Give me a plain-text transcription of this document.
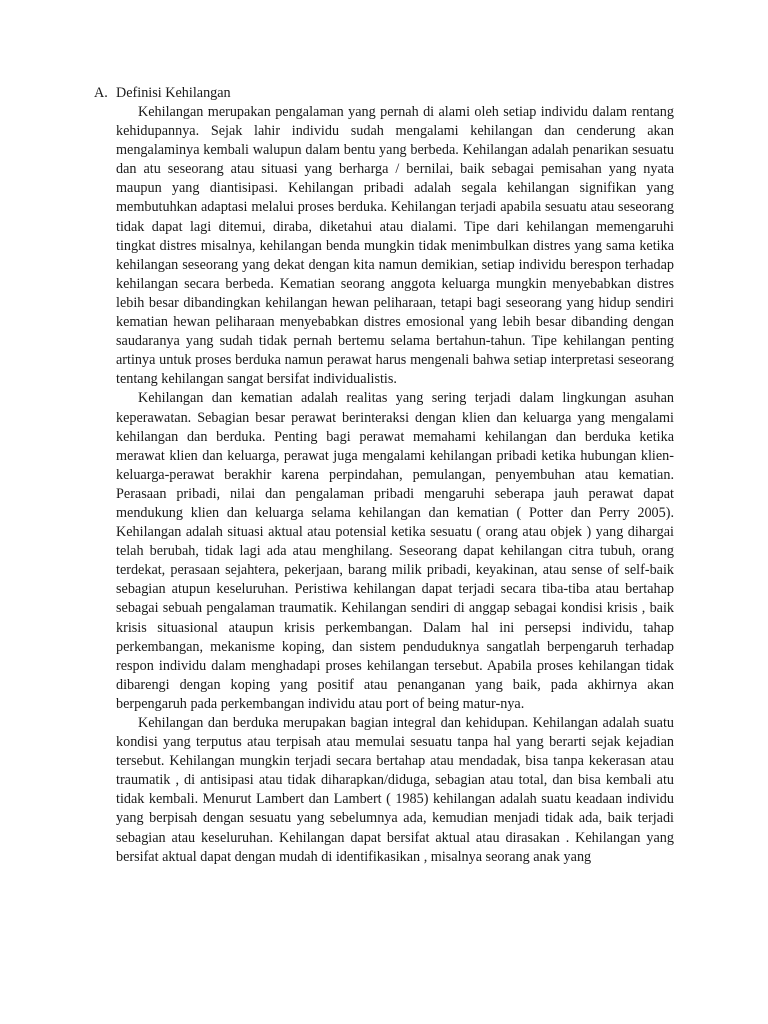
A. Definisi Kehilangan

Kehilangan merupakan pengalaman yang pernah di alami oleh setiap individu dalam rentang kehidupannya. Sejak lahir individu sudah mengalami kehilangan dan cenderung akan mengalaminya kembali walupun dalam bentu yang berbeda. Kehilangan adalah penarikan sesuatu dan atu seseorang atau situasi yang berharga / bernilai, baik sebagai pemisahan yang nyata maupun yang diantisipasi. Kehilangan pribadi adalah segala kehilangan signifikan yang membutuhkan adaptasi melalui proses berduka. Kehilangan terjadi apabila sesuatu atau seseorang tidak dapat lagi ditemui, diraba, diketahui atau dialami. Tipe dari kehilangan memengaruhi tingkat distres misalnya, kehilangan benda mungkin tidak menimbulkan distres yang sama ketika kehilangan seseorang yang dekat dengan kita namun demikian, setiap individu berespon terhadap kehilangan secara berbeda. Kematian seorang anggota keluarga mungkin menyebabkan distres lebih besar dibandingkan kehilangan hewan peliharaan, tetapi bagi seseorang yang hidup sendiri kematian hewan peliharaan menyebabkan distres emosional yang lebih besar dibanding dengan saudaranya yang sudah tidak pernah bertemu selama bertahun-tahun. Tipe kehilangan penting artinya untuk proses berduka namun perawat harus mengenali bahwa setiap interpretasi seseorang tentang kehilangan sangat bersifat individualistis.

Kehilangan dan kematian adalah realitas yang sering terjadi dalam lingkungan asuhan keperawatan. Sebagian besar perawat berinteraksi dengan klien dan keluarga yang mengalami kehilangan dan berduka. Penting bagi perawat memahami kehilangan dan berduka ketika merawat klien dan keluarga, perawat juga mengalami kehilangan pribadi ketika hubungan klien-keluarga-perawat berakhir karena perpindahan, pemulangan, penyembuhan atau kematian. Perasaan pribadi, nilai dan pengalaman pribadi mengaruhi seberapa jauh perawat dapat mendukung klien dan keluarga selama kehilangan dan kematian ( Potter dan Perry 2005). Kehilangan adalah situasi aktual atau potensial ketika sesuatu ( orang atau objek ) yang dihargai telah berubah, tidak lagi ada atau menghilang. Seseorang dapat kehilangan citra tubuh, orang terdekat, perasaan sejahtera, pekerjaan, barang milik pribadi, keyakinan, atau sense of self-baik sebagian atupun keseluruhan. Peristiwa kehilangan dapat terjadi secara tiba-tiba atau bertahap sebagai sebuah pengalaman traumatik. Kehilangan sendiri di anggap sebagai kondisi krisis , baik krisis situasional ataupun krisis perkembangan. Dalam hal ini persepsi individu, tahap perkembangan, mekanisme koping, dan sistem penduduknya sangatlah berpengaruh terhadap respon individu dalam menghadapi proses kehilangan tersebut. Apabila proses kehilangan tidak dibarengi dengan koping yang positif atau penanganan yang baik, pada akhirnya akan berpengaruh pada perkembangan individu atau port of being matur-nya.

Kehilangan dan berduka merupakan bagian integral dan kehidupan. Kehilangan adalah suatu kondisi yang terputus atau terpisah atau memulai sesuatu tanpa hal yang berarti sejak kejadian tersebut. Kehilangan mungkin terjadi secara bertahap atau mendadak, bisa tanpa kekerasan atau traumatik , di antisipasi atau tidak diharapkan/diduga, sebagian atau total, dan bisa kembali atu tidak kembali. Menurut Lambert dan Lambert ( 1985) kehilangan adalah suatu keadaan individu yang berpisah dengan sesuatu yang sebelumnya ada, kemudian menjadi tidak ada, baik terjadi sebagian atau keseluruhan. Kehilangan dapat bersifat aktual atau dirasakan . Kehilangan yang bersifat aktual dapat dengan mudah di identifikasikan , misalnya seorang anak yang
